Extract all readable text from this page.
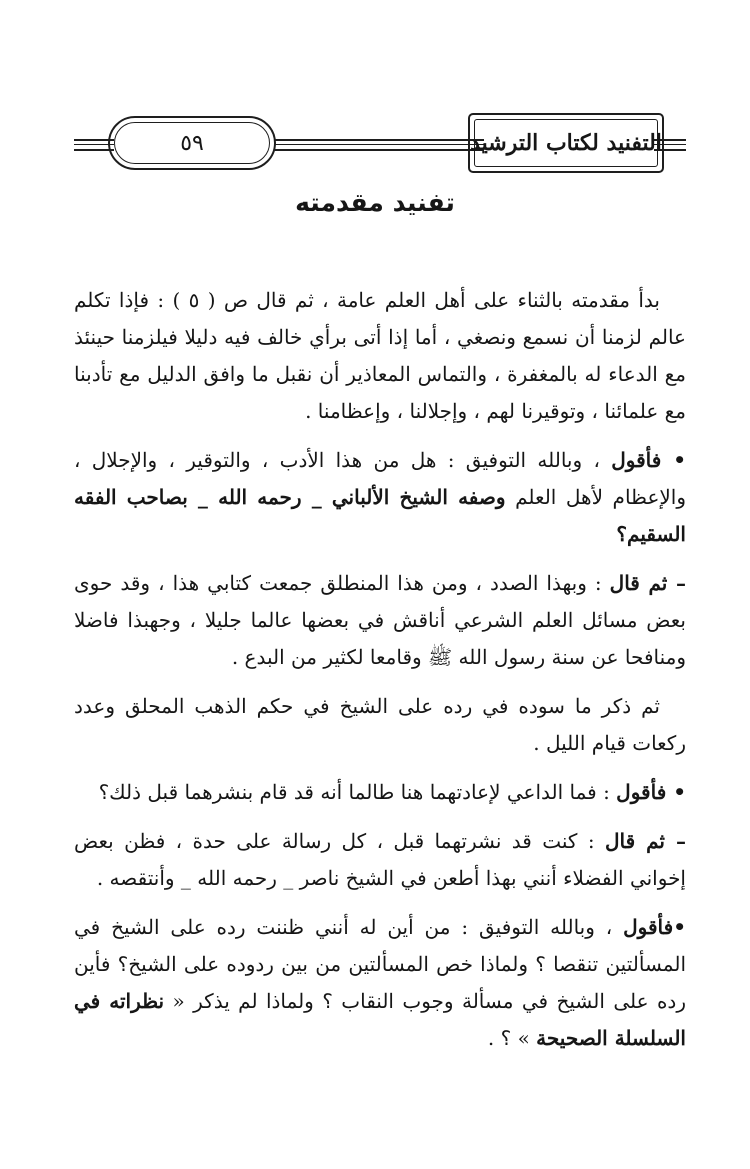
٥٩	التفنيد لكتاب الترشيد
تفنيد مقدمته

بدأ مقدمته بالثناء على أهل العلم عامة ، ثم قال ص ( ٥ ) : فإذا تكلم عالم لزمنا أن نسمع ونصغي ، أما إذا أتى برأي خالف فيه دليلا فيلزمنا حينئذ مع الدعاء له بالمغفرة ، والتماس المعاذير أن نقبل ما وافق الدليل مع تأدبنا مع علمائنا ، وتوقيرنا لهم ، وإجلالنا ، وإعظامنا .

• فأقول ، وبالله التوفيق : هل من هذا الأدب ، والتوقير ، والإجلال ، والإعظام لأهل العلم وصفه الشيخ الألباني _ رحمه الله _ بصاحب الفقه السقيم؟

– ثم قال : وبهذا الصدد ، ومن هذا المنطلق جمعت كتابي هذا ، وقد حوى بعض مسائل العلم الشرعي أناقش في بعضها عالما جليلا ، وجهبذا فاضلا ومنافحا عن سنة رسول الله ﷺ وقامعا لكثير من البدع .

ثم ذكر ما سوده في رده على الشيخ في حكم الذهب المحلق وعدد ركعات قيام الليل .

• فأقول : فما الداعي لإعادتهما هنا طالما أنه قد قام بنشرهما قبل ذلك؟

– ثم قال : كنت قد نشرتهما قبل ، كل رسالة على حدة ، فظن بعض إخواني الفضلاء أنني بهذا أطعن في الشيخ ناصر _ رحمه الله _ وأنتقصه .

•فأقول ، وبالله التوفيق : من أين له أنني ظننت رده على الشيخ في المسألتين تنقصا ؟ ولماذا خص المسألتين من بين ردوده على الشيخ؟ فأين رده على الشيخ في مسألة وجوب النقاب ؟ ولماذا لم يذكر « نظراته في السلسلة الصحيحة » ؟ .
